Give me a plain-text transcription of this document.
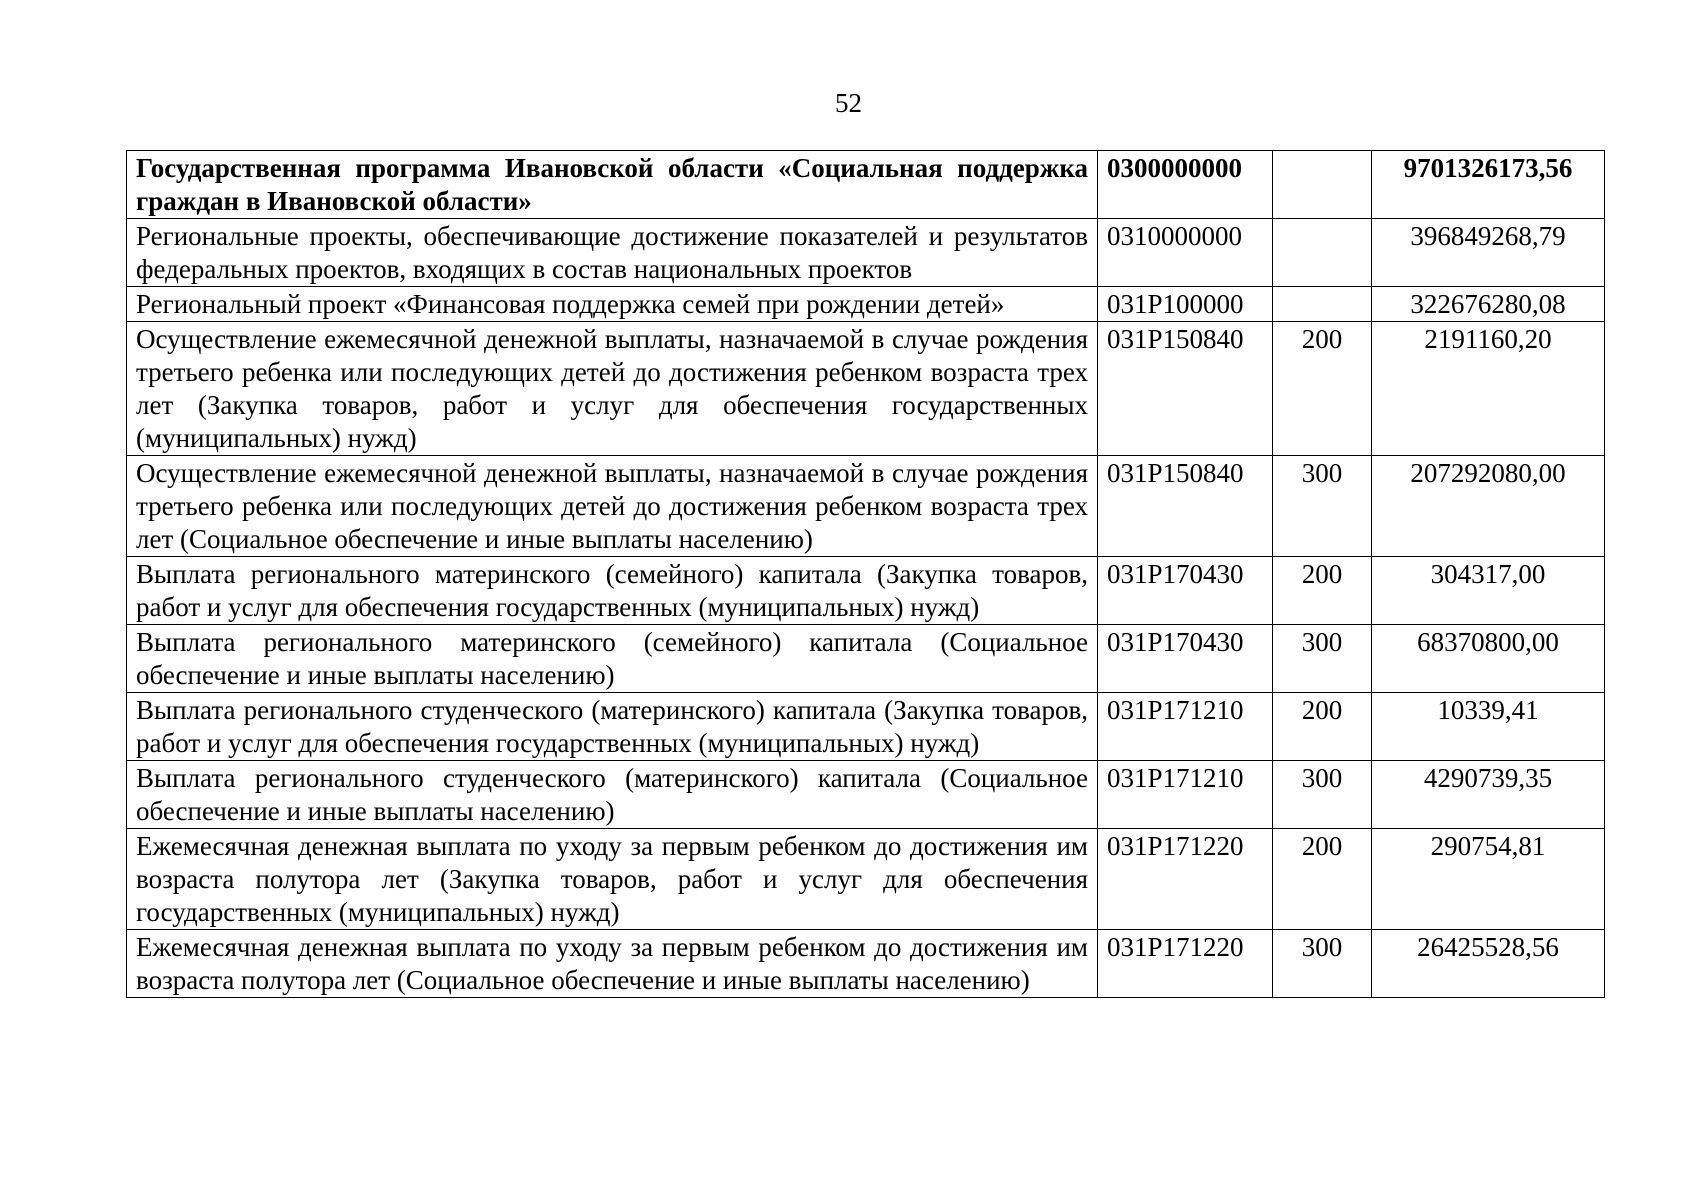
52
Государственная программа Ивановской области «Социальная поддержка граждан в Ивановской области»	0300000000		9701326173,56
Региональные проекты, обеспечивающие достижение показателей и результатов федеральных проектов, входящих в состав национальных проектов	0310000000		396849268,79
Региональный проект «Финансовая поддержка семей при рождении детей»	031P100000		322676280,08
Осуществление ежемесячной денежной выплаты, назначаемой в случае рождения третьего ребенка или последующих детей до достижения ребенком возраста трех лет (Закупка товаров, работ и услуг для обеспечения государственных (муниципальных) нужд)	031P150840	200	2191160,20
Осуществление ежемесячной денежной выплаты, назначаемой в случае рождения третьего ребенка или последующих детей до достижения ребенком возраста трех лет (Социальное обеспечение и иные выплаты населению)	031P150840	300	207292080,00
Выплата регионального материнского (семейного) капитала (Закупка товаров, работ и услуг для обеспечения государственных (муниципальных) нужд)	031P170430	200	304317,00
Выплата регионального материнского (семейного) капитала (Социальное обеспечение и иные выплаты населению)	031P170430	300	68370800,00
Выплата регионального студенческого (материнского) капитала (Закупка товаров, работ и услуг для обеспечения государственных (муниципальных) нужд)	031P171210	200	10339,41
Выплата регионального студенческого (материнского) капитала (Социальное обеспечение и иные выплаты населению)	031P171210	300	4290739,35
Ежемесячная денежная выплата по уходу за первым ребенком до достижения им возраста полутора лет (Закупка товаров, работ и услуг для обеспечения государственных (муниципальных) нужд)	031P171220	200	290754,81
Ежемесячная денежная выплата по уходу за первым ребенком до достижения им возраста полутора лет (Социальное обеспечение и иные выплаты населению)	031P171220	300	26425528,56
